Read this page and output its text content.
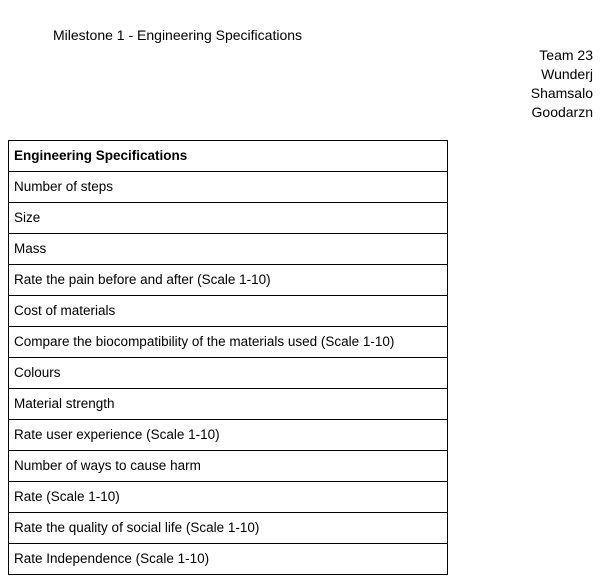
Milestone 1 - Engineering Specifications
Team 23
Wunderj
Shamsalo
Goodarzn
Engineering Specifications
Number of steps
Size
Mass
Rate the pain before and after (Scale 1-10)
Cost of materials
Compare the biocompatibility of the materials used (Scale 1-10)
Colours
Material strength
Rate user experience (Scale 1-10)
Number of ways to cause harm
Rate (Scale 1-10)
Rate the quality of social life (Scale 1-10)
Rate Independence (Scale 1-10)
